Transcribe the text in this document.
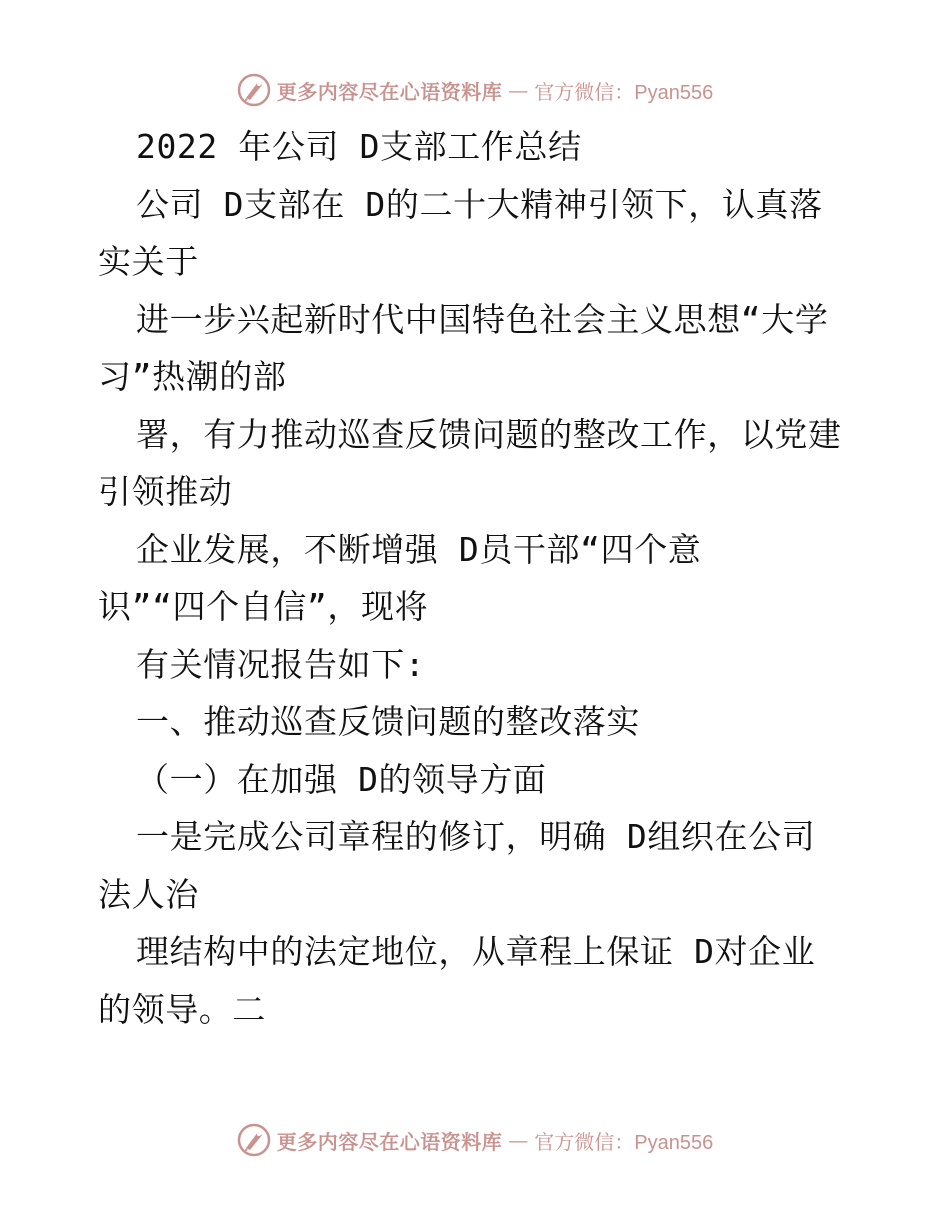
更多内容尽在心语资料库 — 官方微信：Pyan556
2022 年公司 D支部工作总结
公司 D支部在 D的二十大精神引领下，认真落
实关于
进一步兴起新时代中国特色社会主义思想“大学
习”热潮的部
署，有力推动巡查反馈问题的整改工作，以党建
引领推动
企业发展，不断增强 D员干部“四个意
识”“四个自信”，现将
有关情况报告如下:
一、推动巡查反馈问题的整改落实
（一）在加强 D的领导方面
一是完成公司章程的修订，明确 D组织在公司
法人治
理结构中的法定地位，从章程上保证 D对企业
的领导。二
更多内容尽在心语资料库 — 官方微信：Pyan556
